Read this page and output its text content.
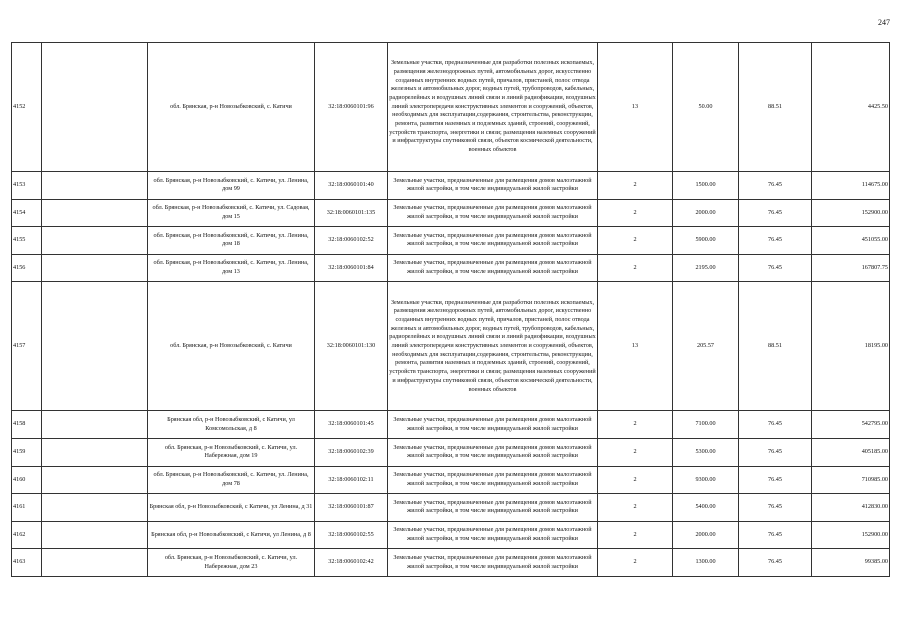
247
4152		обл. Брянская, р-н Новозыбковский, с. Катичи	32:18:0060101:96	Земельные участки, предназначенные для разработки полезных ископаемых, размещения железнодорожных путей, автомобильных дорог, искусственно созданных внутренних водных путей, причалов, пристаней, полос отвода железных и автомобильных дорог, водных путей, трубопроводов, кабельных, радиорелейных и воздушных линий связи и линий радиофикации, воздушных линий электропередачи конструктивных элементов и сооружений, объектов, необходимых для эксплуатации,содержания, строительства, реконструкции, ремонта, развития наземных и подземных зданий, строений, сооружений, устройств транспорта, энергетики и связи; размещения наземных сооружений и инфраструктуры спутниковой связи, объектов космической деятельности, военных объектов	13	50.00	88.51	4425.50
4153		обл. Брянская, р-н Новозыбковский, с. Катичи, ул. Ленина, дом 99	32:18:0060101:40	Земельные участки, предназначенные для размещения домов малоэтажной жилой застройки, в том числе индивидуальной жилой застройки	2	1500.00	76.45	114675.00
4154		обл. Брянская, р-н Новозыбковский, с. Катичи, ул. Садовая, дом 15	32:18:0060101:135	Земельные участки, предназначенные для размещения домов малоэтажной жилой застройки, в том числе индивидуальной жилой застройки	2	2000.00	76.45	152900.00
4155		обл. Брянская, р-н Новозыбковский, с. Катичи, ул. Ленина, дом 18	32:18:0060102:52	Земельные участки, предназначенные для размещения домов малоэтажной жилой застройки, в том числе индивидуальной жилой застройки	2	5900.00	76.45	451055.00
4156		обл. Брянская, р-н Новозыбковский, с. Катичи, ул. Ленина, дом 13	32:18:0060101:84	Земельные участки, предназначенные для размещения домов малоэтажной жилой застройки, в том числе индивидуальной жилой застройки	2	2195.00	76.45	167807.75
4157		обл. Брянская, р-н Новозыбковский, с. Катичи	32:18:0060101:130	Земельные участки, предназначенные для разработки полезных ископаемых, размещения железнодорожных путей, автомобильных дорог, искусственно созданных внутренних водных путей, причалов, пристаней, полос отвода железных и автомобильных дорог, водных путей, трубопроводов, кабельных, радиорелейных и воздушных линий связи и линий радиофикации, воздушных линий электропередачи конструктивных элементов и сооружений, объектов, необходимых для эксплуатации,содержания, строительства, реконструкции, ремонта, развития наземных и подземных зданий, строений, сооружений, устройств транспорта, энергетики и связи; размещения наземных сооружений и инфраструктуры спутниковой связи, объектов космической деятельности, военных объектов	13	205.57	88.51	18195.00
4158		Брянская обл, р-н Новозыбковский, с Катичи, ул Комсомольская, д 8	32:18:0060101:45	Земельные участки, предназначенные для размещения домов малоэтажной жилой застройки, в том числе индивидуальной жилой застройки	2	7100.00	76.45	542795.00
4159		обл. Брянская, р-н Новозыбковский, с. Катичи, ул. Набережная, дом 19	32:18:0060102:39	Земельные участки, предназначенные для размещения домов малоэтажной жилой застройки, в том числе индивидуальной жилой застройки	2	5300.00	76.45	405185.00
4160		обл. Брянская, р-н Новозыбковский, с. Катичи, ул. Ленина, дом 78	32:18:0060102:11	Земельные участки, предназначенные для размещения домов малоэтажной жилой застройки, в том числе индивидуальной жилой застройки	2	9300.00	76.45	710985.00
4161		Брянская обл, р-н Новозыбковский, с Катичи, ул Ленина, д 31	32:18:0060101:87	Земельные участки, предназначенные для размещения домов малоэтажной жилой застройки, в том числе индивидуальной жилой застройки	2	5400.00	76.45	412830.00
4162		Брянская обл, р-н Новозыбковский, с Катичи, ул Ленина, д 8	32:18:0060102:55	Земельные участки, предназначенные для размещения домов малоэтажной жилой застройки, в том числе индивидуальной жилой застройки	2	2000.00	76.45	152900.00
4163		обл. Брянская, р-н Новозыбковский, с. Катичи, ул. Набережная, дом 23	32:18:0060102:42	Земельные участки, предназначенные для размещения домов малоэтажной жилой застройки, в том числе индивидуальной жилой застройки	2	1300.00	76.45	99385.00
